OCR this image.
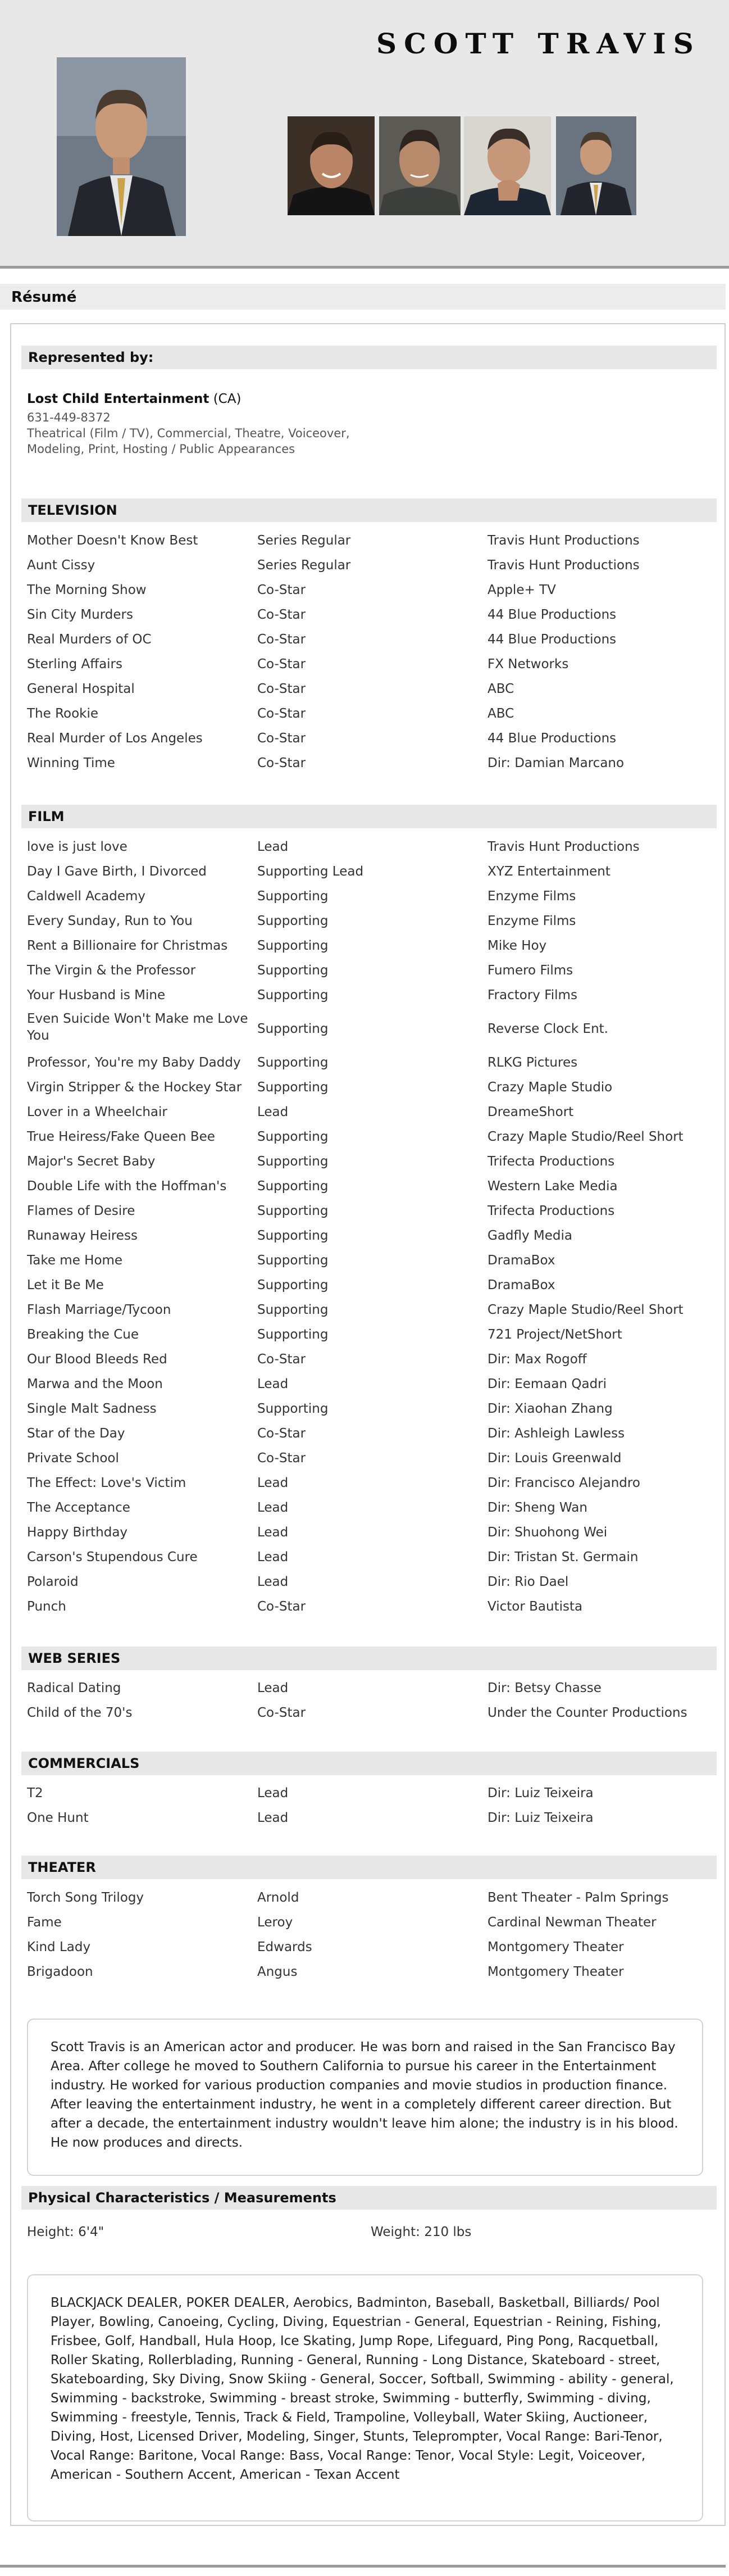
SCOTT TRAVIS
Résumé
Represented by:
Lost Child Entertainment (CA)
631-449-8372
Theatrical (Film / TV), Commercial, Theatre, Voiceover,
Modeling, Print, Hosting / Public Appearances
TELEVISION
Mother Doesn't Know Best	Series Regular	Travis Hunt Productions
Aunt Cissy	Series Regular	Travis Hunt Productions
The Morning Show	Co-Star	Apple+ TV
Sin City Murders	Co-Star	44 Blue Productions
Real Murders of OC	Co-Star	44 Blue Productions
Sterling Affairs	Co-Star	FX Networks
General Hospital	Co-Star	ABC
The Rookie	Co-Star	ABC
Real Murder of Los Angeles	Co-Star	44 Blue Productions
Winning Time	Co-Star	Dir: Damian Marcano
FILM
love is just love	Lead	Travis Hunt Productions
Day I Gave Birth, I Divorced	Supporting Lead	XYZ Entertainment
Caldwell Academy	Supporting	Enzyme Films
Every Sunday, Run to You	Supporting	Enzyme Films
Rent a Billionaire for Christmas	Supporting	Mike Hoy
The Virgin & the Professor	Supporting	Fumero Films
Your Husband is Mine	Supporting	Fractory Films
Even Suicide Won't Make me Love You	Supporting	Reverse Clock Ent.
Professor, You're my Baby Daddy	Supporting	RLKG Pictures
Virgin Stripper & the Hockey Star	Supporting	Crazy Maple Studio
Lover in a Wheelchair	Lead	DreameShort
True Heiress/Fake Queen Bee	Supporting	Crazy Maple Studio/Reel Short
Major's Secret Baby	Supporting	Trifecta Productions
Double Life with the Hoffman's	Supporting	Western Lake Media
Flames of Desire	Supporting	Trifecta Productions
Runaway Heiress	Supporting	Gadfly Media
Take me Home	Supporting	DramaBox
Let it Be Me	Supporting	DramaBox
Flash Marriage/Tycoon	Supporting	Crazy Maple Studio/Reel Short
Breaking the Cue	Supporting	721 Project/NetShort
Our Blood Bleeds Red	Co-Star	Dir: Max Rogoff
Marwa and the Moon	Lead	Dir: Eemaan Qadri
Single Malt Sadness	Supporting	Dir: Xiaohan Zhang
Star of the Day	Co-Star	Dir: Ashleigh Lawless
Private School	Co-Star	Dir: Louis Greenwald
The Effect: Love's Victim	Lead	Dir: Francisco Alejandro
The Acceptance	Lead	Dir: Sheng Wan
Happy Birthday	Lead	Dir: Shuohong Wei
Carson's Stupendous Cure	Lead	Dir: Tristan St. Germain
Polaroid	Lead	Dir: Rio Dael
Punch	Co-Star	Victor Bautista
WEB SERIES
Radical Dating	Lead	Dir: Betsy Chasse
Child of the 70's	Co-Star	Under the Counter Productions
COMMERCIALS
T2	Lead	Dir: Luiz Teixeira
One Hunt	Lead	Dir: Luiz Teixeira
THEATER
Torch Song Trilogy	Arnold	Bent Theater - Palm Springs
Fame	Leroy	Cardinal Newman Theater
Kind Lady	Edwards	Montgomery Theater
Brigadoon	Angus	Montgomery Theater

Scott Travis is an American actor and producer. He was born and raised in the San Francisco Bay Area. After college he moved to Southern California to pursue his career in the Entertainment industry. He worked for various production companies and movie studios in production finance. After leaving the entertainment industry, he went in a completely different career direction. But after a decade, the entertainment industry wouldn't leave him alone; the industry is in his blood. He now produces and directs.

Physical Characteristics / Measurements
Height: 6'4"	Weight: 210 lbs

BLACKJACK DEALER, POKER DEALER, Aerobics, Badminton, Baseball, Basketball, Billiards/ Pool Player, Bowling, Canoeing, Cycling, Diving, Equestrian - General, Equestrian - Reining, Fishing, Frisbee, Golf, Handball, Hula Hoop, Ice Skating, Jump Rope, Lifeguard, Ping Pong, Racquetball, Roller Skating, Rollerblading, Running - General, Running - Long Distance, Skateboard - street, Skateboarding, Sky Diving, Snow Skiing - General, Soccer, Softball, Swimming - ability - general, Swimming - backstroke, Swimming - breast stroke, Swimming - butterfly, Swimming - diving, Swimming - freestyle, Tennis, Track & Field, Trampoline, Volleyball, Water Skiing, Auctioneer, Diving, Host, Licensed Driver, Modeling, Singer, Stunts, Teleprompter, Vocal Range: Bari-Tenor, Vocal Range: Baritone, Vocal Range: Bass, Vocal Range: Tenor, Vocal Style: Legit, Voiceover, American - Southern Accent, American - Texan Accent
